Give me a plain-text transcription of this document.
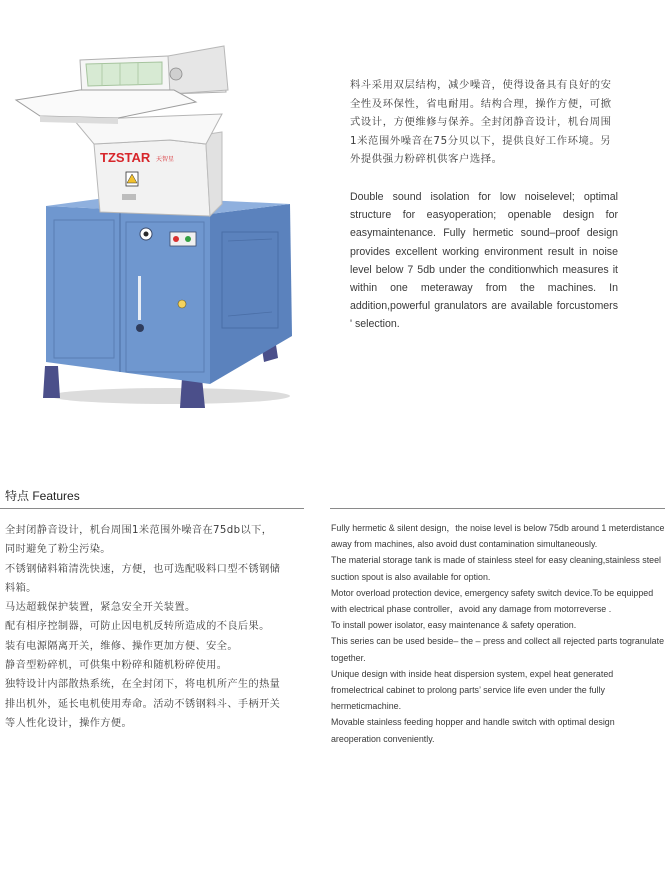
TZSTAR 天智星
料斗采用双层结构，减少噪音，使得设备具有良好的安全性及环保性，省电耐用。结构合理，操作方便，可掀式设计，方便维修与保养。全封闭静音设计，机台周围1米范围外噪音在75分贝以下，提供良好工作环境。另外提供强力粉碎机供客户选择。
Double sound isolation for low noiselevel; optimal structure for easyoperation; openable design for easymaintenance. Fully hermetic sound–proof design provides excellent working environment result in noise level below 7 5db under the conditionwhich measures it within one meteraway from the machines. In addition,powerful granulators are available forcustomers ' selection.
特点 Features
全封闭静音设计，机台周围1米范围外噪音在75db以下，同时避免了粉尘污染。
不锈钢储料箱清洗快速，方便，也可选配吸料口型不锈钢储料箱。
马达超载保护装置，紧急安全开关装置。
配有相序控制器，可防止因电机反转所造成的不良后果。
装有电源隔离开关，维修、操作更加方便、安全。
静音型粉碎机，可供集中粉碎和随机粉碎使用。
独特设计内部散热系统，在全封闭下，将电机所产生的热量排出机外，延长电机使用寿命。活动不锈钢料斗、手柄开关等人性化设计，操作方便。
Fully hermetic & silent design，the noise level is below 75db around 1 meterdistance away from machines, also avoid dust contamination simultaneously.
The material storage tank is made of stainless steel for easy cleaning,stainless steel suction spout is also available for option.
Motor overload protection device, emergency safety switch device.To be equipped with electrical phase controller，avoid any damage from motorreverse .
To install power isolator, easy maintenance & safety operation.
This series can be used beside– the – press and collect all rejected parts togranulate together.
Unique design with inside heat dispersion system, expel heat generated fromelectrical cabinet to prolong parts’ service life even under the fully hermeticmachine.
Movable stainless feeding hopper and handle switch with optimal design areoperation conveniently.
